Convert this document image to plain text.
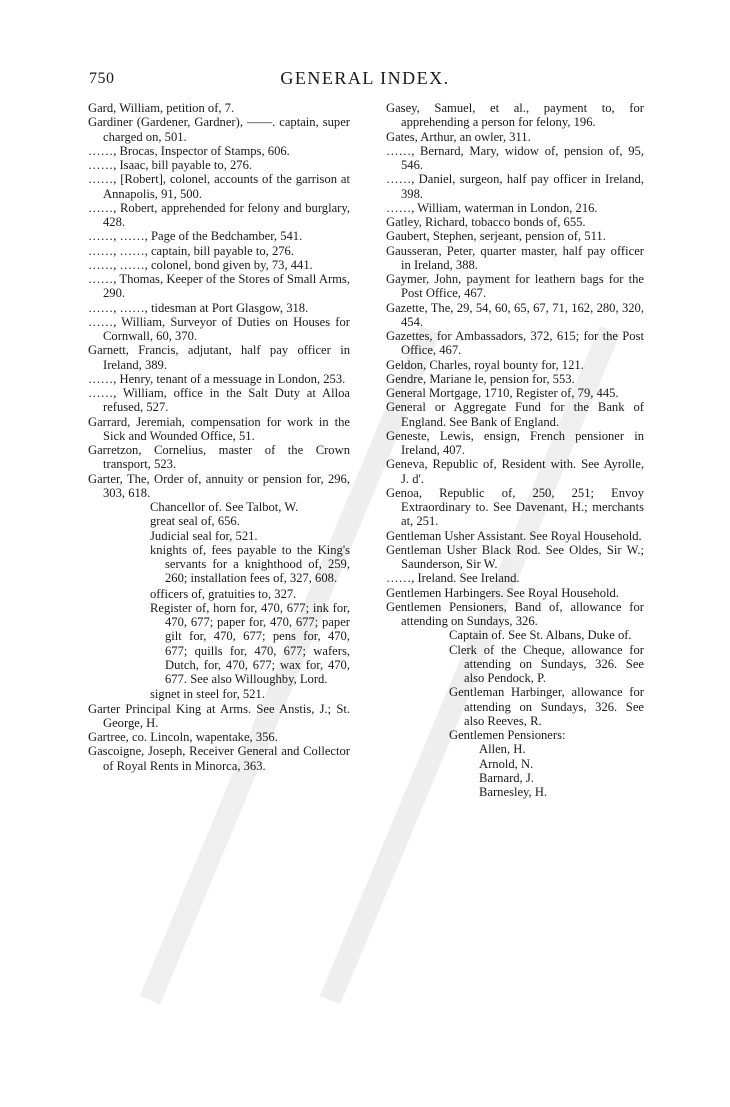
750	GENERAL INDEX.
Gard, William, petition of, 7.
Gardiner (Gardener, Gardner), ——. captain, super charged on, 501.
……, Brocas, Inspector of Stamps, 606.
……, Isaac, bill payable to, 276.
……, [Robert], colonel, accounts of the garrison at Annapolis, 91, 500.
……, Robert, apprehended for felony and burglary, 428.
……, ……, Page of the Bedchamber, 541.
……, ……, captain, bill payable to, 276.
……, ……, colonel, bond given by, 73, 441.
……, Thomas, Keeper of the Stores of Small Arms, 290.
……, ……, tidesman at Port Glasgow, 318.
……, William, Surveyor of Duties on Houses for Cornwall, 60, 370.
Garnett, Francis, adjutant, half pay officer in Ireland, 389.
……, Henry, tenant of a messuage in London, 253.
……, William, office in the Salt Duty at Alloa refused, 527.
Garrard, Jeremiah, compensation for work in the Sick and Wounded Office, 51.
Garretzon, Cornelius, master of the Crown transport, 523.
Garter, The, Order of, annuity or pension for, 296, 303, 618.
Chancellor of. See Talbot, W.
great seal of, 656.
Judicial seal for, 521.
knights of, fees payable to the King's servants for a knighthood of, 259, 260; installation fees of, 327, 608.
officers of, gratuities to, 327.
Register of, horn for, 470, 677; ink for, 470, 677; paper for, 470, 677; paper gilt for, 470, 677; pens for, 470, 677; quills for, 470, 677; wafers, Dutch, for, 470, 677; wax for, 470, 677. See also Willoughby, Lord.
signet in steel for, 521.
Garter Principal King at Arms. See Anstis, J.; St. George, H.
Gartree, co. Lincoln, wapentake, 356.
Gascoigne, Joseph, Receiver General and Collector of Royal Rents in Minorca, 363.
Gasey, Samuel, et al., payment to, for apprehending a person for felony, 196.
Gates, Arthur, an owler, 311.
……, Bernard, Mary, widow of, pension of, 95, 546.
……, Daniel, surgeon, half pay officer in Ireland, 398.
……, William, waterman in London, 216.
Gatley, Richard, tobacco bonds of, 655.
Gaubert, Stephen, serjeant, pension of, 511.
Gausseran, Peter, quarter master, half pay officer in Ireland, 388.
Gaymer, John, payment for leathern bags for the Post Office, 467.
Gazette, The, 29, 54, 60, 65, 67, 71, 162, 280, 320, 454.
Gazettes, for Ambassadors, 372, 615; for the Post Office, 467.
Geldon, Charles, royal bounty for, 121.
Gendre, Mariane le, pension for, 553.
General Mortgage, 1710, Register of, 79, 445.
General or Aggregate Fund for the Bank of England. See Bank of England.
Geneste, Lewis, ensign, French pensioner in Ireland, 407.
Geneva, Republic of, Resident with. See Ayrolle, J. d'.
Genoa, Republic of, 250, 251; Envoy Extraordinary to. See Davenant, H.; merchants at, 251.
Gentleman Usher Assistant. See Royal Household.
Gentleman Usher Black Rod. See Oldes, Sir W.; Saunderson, Sir W.
……, Ireland. See Ireland.
Gentlemen Harbingers. See Royal Household.
Gentlemen Pensioners, Band of, allowance for attending on Sundays, 326.
Captain of. See St. Albans, Duke of.
Clerk of the Cheque, allowance for attending on Sundays, 326. See also Pendock, P.
Gentleman Harbinger, allowance for attending on Sundays, 326. See also Reeves, R.
Gentlemen Pensioners:
Allen, H.
Arnold, N.
Barnard, J.
Barnesley, H.
